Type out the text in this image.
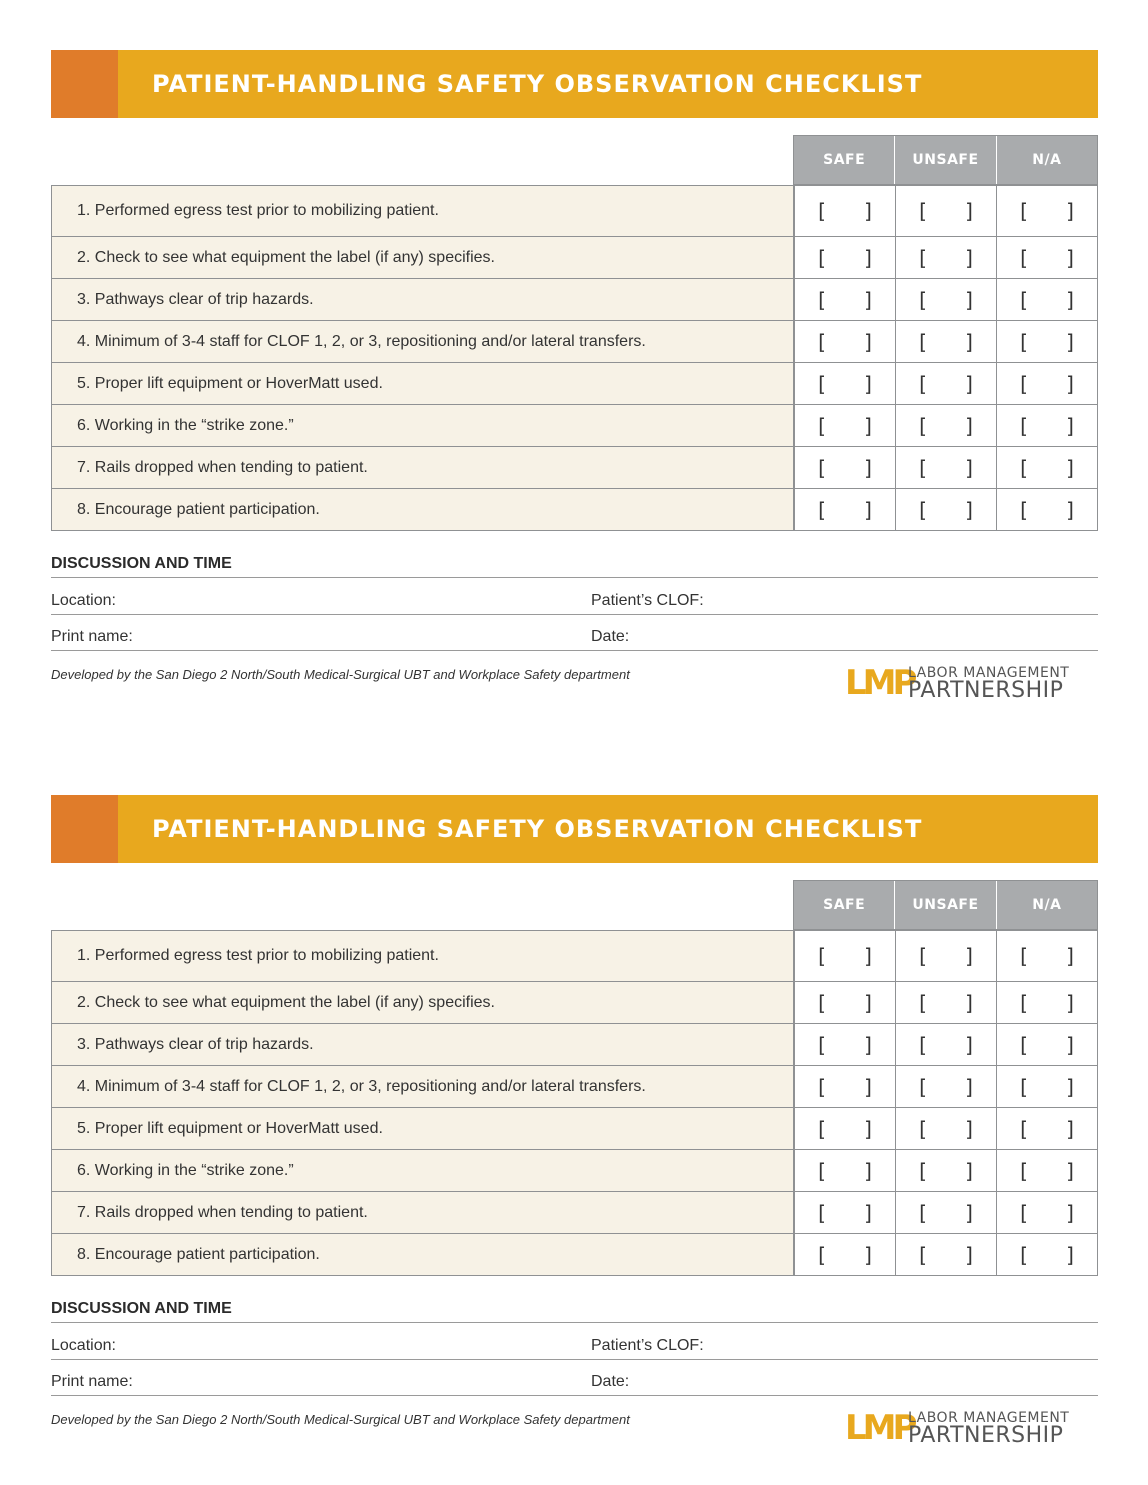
PATIENT-HANDLING SAFETY OBSERVATION CHECKLIST
SAFE	UNSAFE	N/A
1. Performed egress test prior to mobilizing patient.	[      ]	[      ]	[      ]
2. Check to see what equipment the label (if any) specifies.	[      ]	[      ]	[      ]
3. Pathways clear of trip hazards.	[      ]	[      ]	[      ]
4. Minimum of 3-4 staff for CLOF 1, 2, or 3, repositioning and/or lateral transfers.	[      ]	[      ]	[      ]
5. Proper lift equipment or HoverMatt used.	[      ]	[      ]	[      ]
6. Working in the “strike zone.”	[      ]	[      ]	[      ]
7. Rails dropped when tending to patient.	[      ]	[      ]	[      ]
8. Encourage patient participation.	[      ]	[      ]	[      ]
DISCUSSION AND TIME
Location:	Patient’s CLOF:
Print name:	Date:
Developed by the San Diego 2 North/South Medical-Surgical UBT and Workplace Safety department	LMP
LABOR MANAGEMENT
PARTNERSHIP
PATIENT-HANDLING SAFETY OBSERVATION CHECKLIST
SAFE	UNSAFE	N/A
1. Performed egress test prior to mobilizing patient.	[      ]	[      ]	[      ]
2. Check to see what equipment the label (if any) specifies.	[      ]	[      ]	[      ]
3. Pathways clear of trip hazards.	[      ]	[      ]	[      ]
4. Minimum of 3-4 staff for CLOF 1, 2, or 3, repositioning and/or lateral transfers.	[      ]	[      ]	[      ]
5. Proper lift equipment or HoverMatt used.	[      ]	[      ]	[      ]
6. Working in the “strike zone.”	[      ]	[      ]	[      ]
7. Rails dropped when tending to patient.	[      ]	[      ]	[      ]
8. Encourage patient participation.	[      ]	[      ]	[      ]
DISCUSSION AND TIME
Location:	Patient’s CLOF:
Print name:	Date:
Developed by the San Diego 2 North/South Medical-Surgical UBT and Workplace Safety department	LMP
LABOR MANAGEMENT
PARTNERSHIP
